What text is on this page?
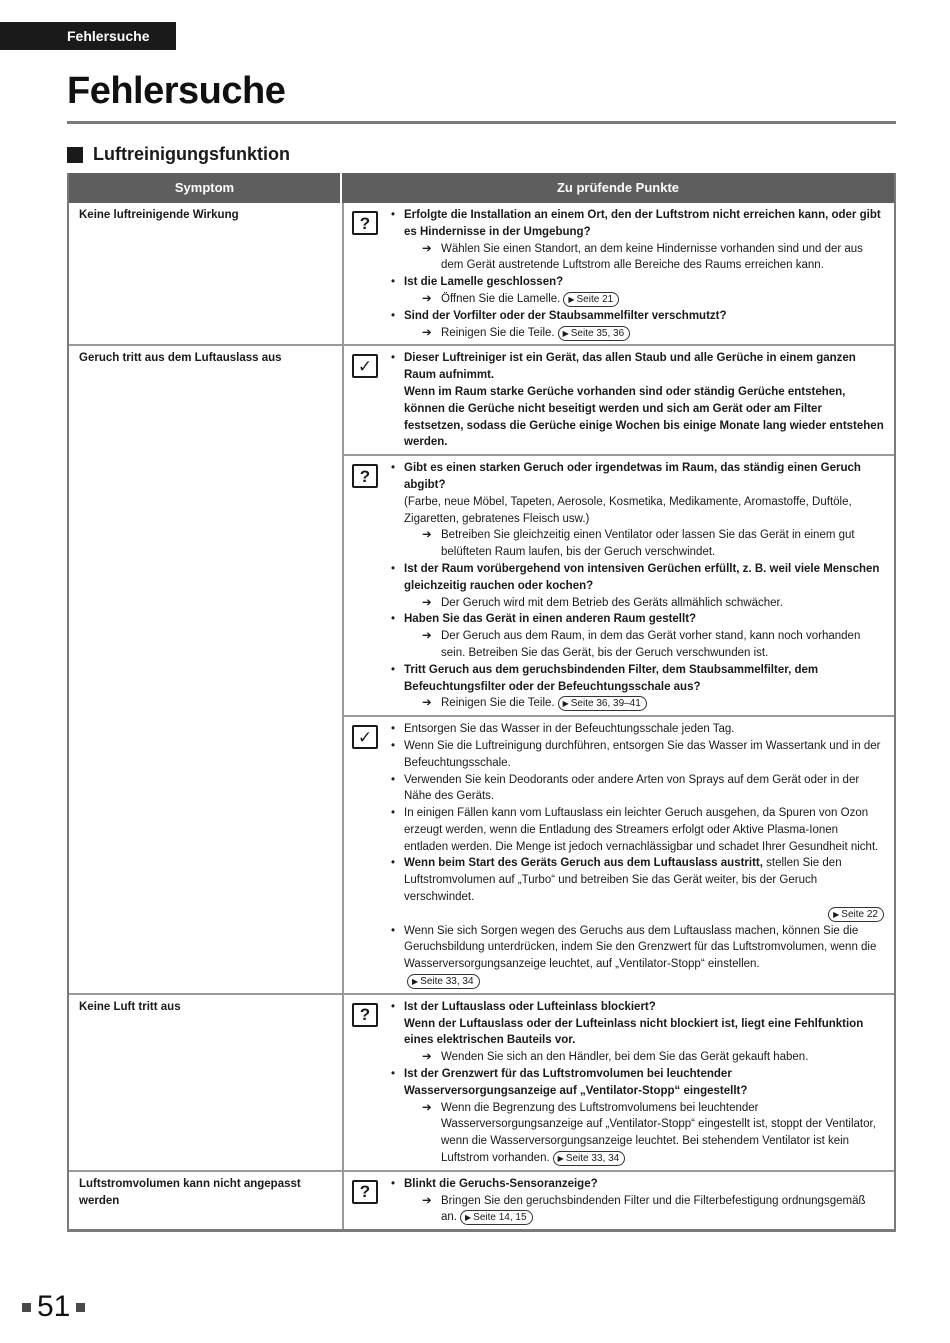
Fehlersuche
Fehlersuche
Luftreinigungsfunktion
Symptom	Zu prüfende Punkte
Keine luftreinigende Wirkung	?	• Erfolgte die Installation an einem Ort, den der Luftstrom nicht erreichen kann, oder gibt es Hindernisse in der Umgebung?
➔ Wählen Sie einen Standort, an dem keine Hindernisse vorhanden sind und der aus dem Gerät austretende Luftstrom alle Bereiche des Raums erreichen kann.
• Ist die Lamelle geschlossen?
➔ Öffnen Sie die Lamelle. ▶ Seite 21
• Sind der Vorfilter oder der Staubsammelfilter verschmutzt?
➔ Reinigen Sie die Teile. ▶ Seite 35, 36
Geruch tritt aus dem Luftauslass aus	✓	• Dieser Luftreiniger ist ein Gerät, das allen Staub und alle Gerüche in einem ganzen Raum aufnimmt.
Wenn im Raum starke Gerüche vorhanden sind oder ständig Gerüche entstehen, können die Gerüche nicht beseitigt werden und sich am Gerät oder am Filter festsetzen, sodass die Gerüche einige Wochen bis einige Monate lang wieder entstehen werden.
?	• Gibt es einen starken Geruch oder irgendetwas im Raum, das ständig einen Geruch abgibt?
(Farbe, neue Möbel, Tapeten, Aerosole, Kosmetika, Medikamente, Aromastoffe, Duftöle, Zigaretten, gebratenes Fleisch usw.)
➔ Betreiben Sie gleichzeitig einen Ventilator oder lassen Sie das Gerät in einem gut belüfteten Raum laufen, bis der Geruch verschwindet.
• Ist der Raum vorübergehend von intensiven Gerüchen erfüllt, z. B. weil viele Menschen gleichzeitig rauchen oder kochen?
➔ Der Geruch wird mit dem Betrieb des Geräts allmählich schwächer.
• Haben Sie das Gerät in einen anderen Raum gestellt?
➔ Der Geruch aus dem Raum, in dem das Gerät vorher stand, kann noch vorhanden sein. Betreiben Sie das Gerät, bis der Geruch verschwunden ist.
• Tritt Geruch aus dem geruchsbindenden Filter, dem Staubsammelfilter, dem Befeuchtungsfilter oder der Befeuchtungsschale aus?
➔ Reinigen Sie die Teile. ▶ Seite 36, 39–41
✓	• Entsorgen Sie das Wasser in der Befeuchtungsschale jeden Tag.
• Wenn Sie die Luftreinigung durchführen, entsorgen Sie das Wasser im Wassertank und in der Befeuchtungsschale.
• Verwenden Sie kein Deodorants oder andere Arten von Sprays auf dem Gerät oder in der Nähe des Geräts.
• In einigen Fällen kann vom Luftauslass ein leichter Geruch ausgehen, da Spuren von Ozon erzeugt werden, wenn die Entladung des Streamers erfolgt oder Aktive Plasma-Ionen entladen werden. Die Menge ist jedoch vernachlässigbar und schadet Ihrer Gesundheit nicht.
• Wenn beim Start des Geräts Geruch aus dem Luftauslass austritt, stellen Sie den Luftstromvolumen auf „Turbo“ und betreiben Sie das Gerät weiter, bis der Geruch verschwindet.
▶ Seite 22
• Wenn Sie sich Sorgen wegen des Geruchs aus dem Luftauslass machen, können Sie die Geruchsbildung unterdrücken, indem Sie den Grenzwert für das Luftstromvolumen, wenn die Wasserversorgungsanzeige leuchtet, auf „Ventilator-Stopp“ einstellen.
▶ Seite 33, 34
Keine Luft tritt aus	?	• Ist der Luftauslass oder Lufteinlass blockiert?
Wenn der Luftauslass oder der Lufteinlass nicht blockiert ist, liegt eine Fehlfunktion eines elektrischen Bauteils vor.
➔ Wenden Sie sich an den Händler, bei dem Sie das Gerät gekauft haben.
• Ist der Grenzwert für das Luftstromvolumen bei leuchtender Wasserversorgungsanzeige auf „Ventilator-Stopp“ eingestellt?
➔ Wenn die Begrenzung des Luftstromvolumens bei leuchtender Wasserversorgungsanzeige auf „Ventilator-Stopp“ eingestellt ist, stoppt der Ventilator, wenn die Wasserversorgungsanzeige leuchtet. Bei stehendem Ventilator ist kein Luftstrom vorhanden. ▶ Seite 33, 34
Luftstromvolumen kann nicht angepasst werden	?	• Blinkt die Geruchs-Sensoranzeige?
➔ Bringen Sie den geruchsbindenden Filter und die Filterbefestigung ordnungsgemäß an. ▶ Seite 14, 15
51
